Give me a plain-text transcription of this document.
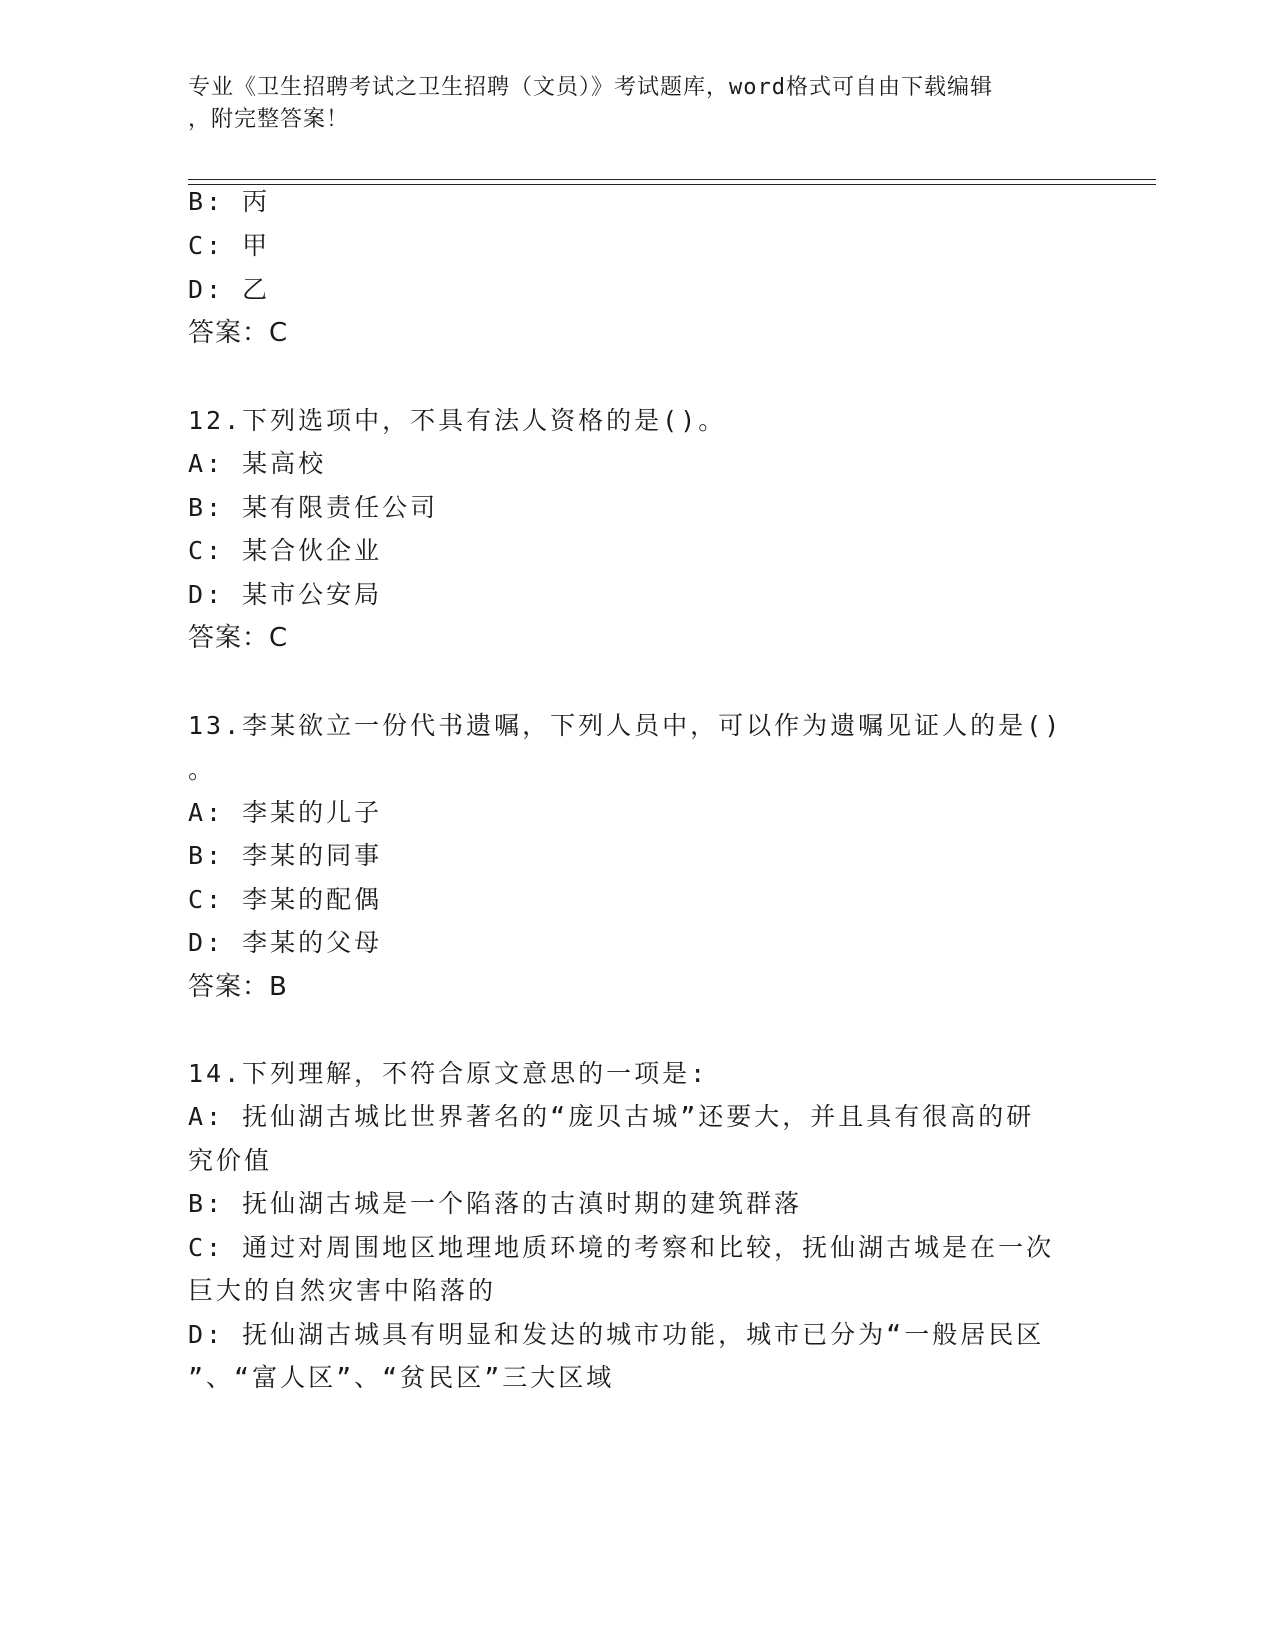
专业《卫生招聘考试之卫生招聘（文员）》考试题库，word格式可自由下载编辑
，附完整答案！
B: 丙
C: 甲
D: 乙
答案：C
12.下列选项中，不具有法人资格的是()。
A: 某高校
B: 某有限责任公司
C: 某合伙企业
D: 某市公安局
答案：C
13.李某欲立一份代书遗嘱，下列人员中，可以作为遗嘱见证人的是()
。
A: 李某的儿子
B: 李某的同事
C: 李某的配偶
D: 李某的父母
答案：B
14.下列理解，不符合原文意思的一项是:
A: 抚仙湖古城比世界著名的“庞贝古城”还要大，并且具有很高的研
究价值
B: 抚仙湖古城是一个陷落的古滇时期的建筑群落
C: 通过对周围地区地理地质环境的考察和比较，抚仙湖古城是在一次
巨大的自然灾害中陷落的
D: 抚仙湖古城具有明显和发达的城市功能，城市已分为“一般居民区
”、“富人区”、“贫民区”三大区域
